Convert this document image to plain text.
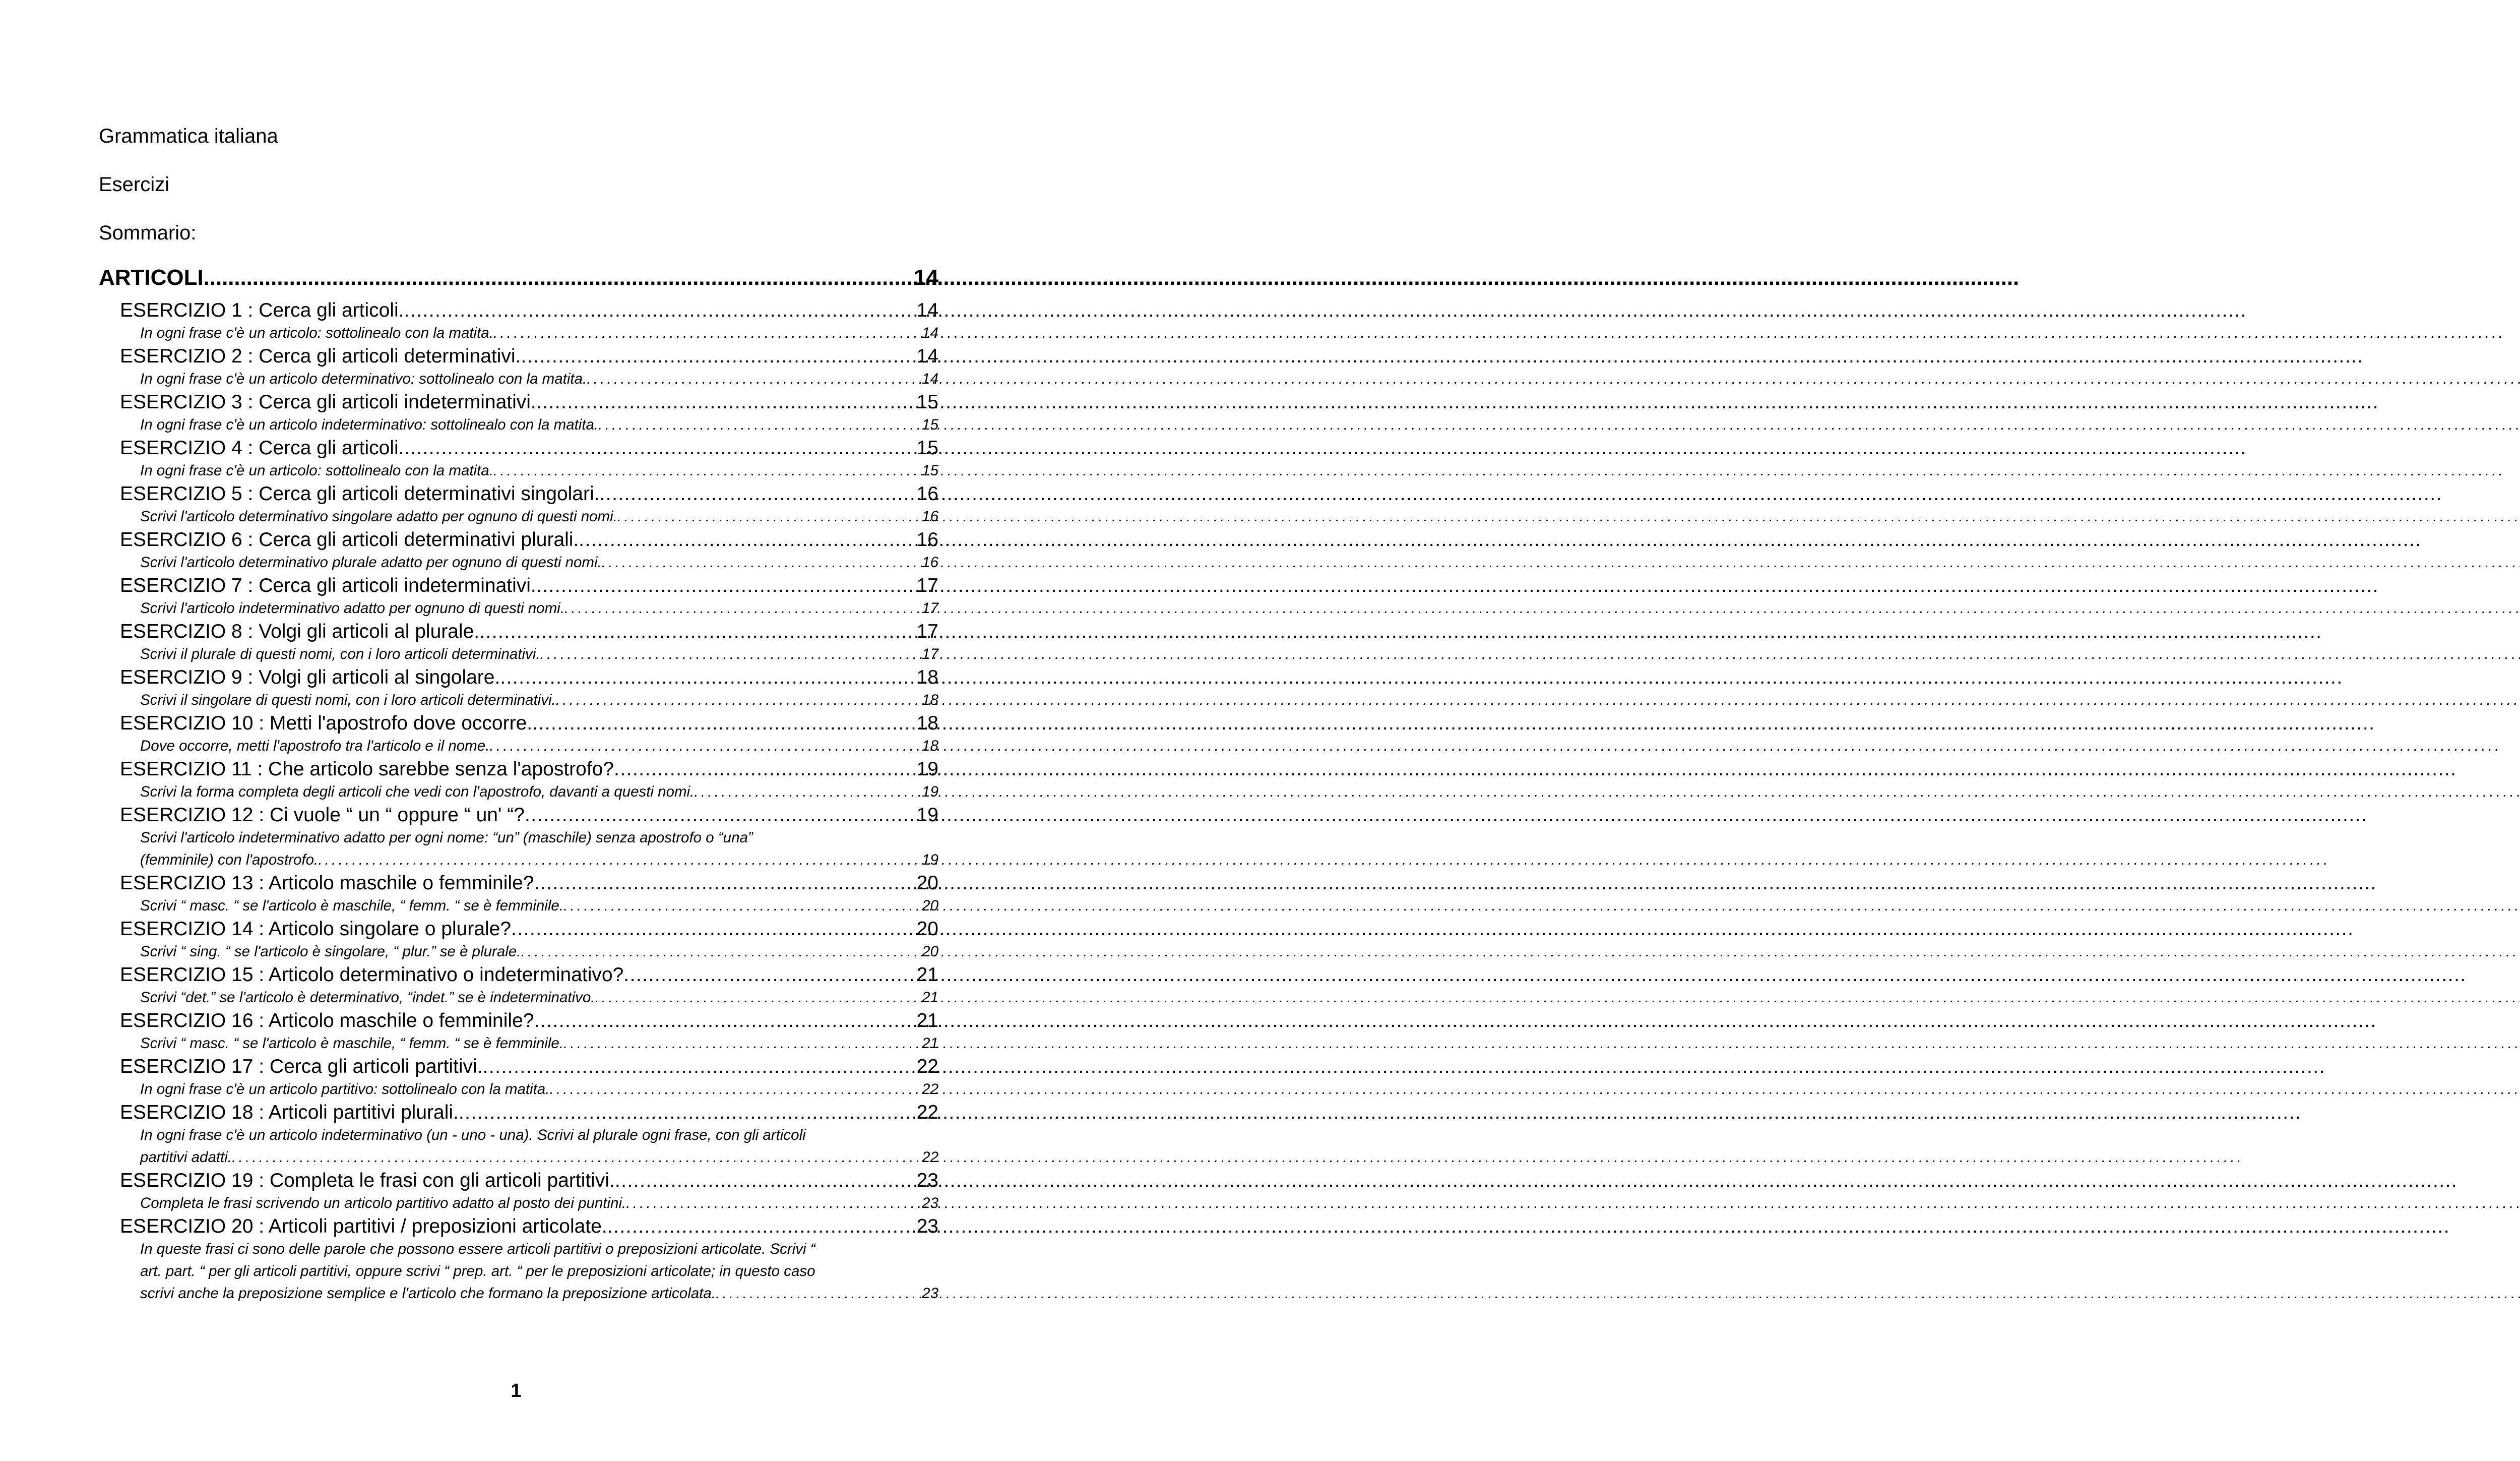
Grammatica italiana
Esercizi
Sommario:
ARTICOLI . . .	14
ESERCIZIO 1 : Cerca gli articoli. . . .	14
In ogni frase c'è un articolo: sottolinealo con la matita. . . .	14
ESERCIZIO 2 : Cerca gli articoli determinativi. . . .	14
In ogni frase c'è un articolo determinativo: sottolinealo con la matita. . . .	14
ESERCIZIO 3 : Cerca gli articoli indeterminativi. . . .	15
In ogni frase c'è un articolo indeterminativo: sottolinealo con la matita. . . .	15
ESERCIZIO 4 : Cerca gli articoli. . . .	15
In ogni frase c'è un articolo: sottolinealo con la matita. . . .	15
ESERCIZIO 5 : Cerca gli articoli determinativi singolari. . . .	16
Scrivi l'articolo determinativo singolare adatto per ognuno di questi nomi. . . .	16
ESERCIZIO 6 : Cerca gli articoli determinativi plurali. . . .	16
Scrivi l'articolo determinativo plurale adatto per ognuno di questi nomi. . . .	16
ESERCIZIO 7 : Cerca gli articoli indeterminativi. . . .	17
Scrivi l'articolo indeterminativo adatto per ognuno di questi nomi. . . .	17
ESERCIZIO 8 : Volgi gli articoli al plurale. . . .	17
Scrivi il plurale di questi nomi, con i loro articoli determinativi. . . .	17
ESERCIZIO 9 : Volgi gli articoli al singolare. . . .	18
Scrivi il singolare di questi nomi, con i loro articoli determinativi. . . .	18
ESERCIZIO 10 : Metti l'apostrofo dove occorre. . . .	18
Dove occorre, metti l'apostrofo tra l'articolo e il nome. . . .	18
ESERCIZIO 11 : Che articolo sarebbe senza l'apostrofo? . . .	19
Scrivi la forma completa degli articoli che vedi con l'apostrofo, davanti a questi nomi. . . .	19
ESERCIZIO 12 : Ci vuole “ un “ oppure “ un' “? . . .	19
Scrivi l'articolo indeterminativo adatto per ogni nome: “un” (maschile) senza apostrofo o “una”
(femminile) con l'apostrofo. . . .	19
ESERCIZIO 13 : Articolo maschile o femminile? . . .	20
Scrivi “ masc. “ se l'articolo è maschile, “ femm. “ se è femminile. . . .	20
ESERCIZIO 14 : Articolo singolare o plurale? . . .	20
Scrivi “ sing. “ se l'articolo è singolare, “ plur.” se è plurale. . . .	20
ESERCIZIO 15 : Articolo determinativo o indeterminativo? . . .	21
Scrivi “det.” se l'articolo è determinativo, “indet.” se è indeterminativo. . . .	21
ESERCIZIO 16 : Articolo maschile o femminile? . . .	21
Scrivi “ masc. “ se l'articolo è maschile, “ femm. “ se è femminile. . . .	21
ESERCIZIO 17 : Cerca gli articoli partitivi. . . .	22
In ogni frase c'è un articolo partitivo: sottolinealo con la matita. . . .	22
ESERCIZIO 18 : Articoli partitivi plurali. . . .	22
In ogni frase c'è un articolo indeterminativo (un - uno - una). Scrivi al plurale ogni frase, con gli articoli
partitivi adatti. . . .	22
ESERCIZIO 19 : Completa le frasi con gli articoli partitivi. . . .	23
Completa le frasi scrivendo un articolo partitivo adatto al posto dei puntini. . . .	23
ESERCIZIO 20 : Articoli partitivi / preposizioni articolate. . . .	23
In queste frasi ci sono delle parole che possono essere articoli partitivi o preposizioni articolate. Scrivi “
art. part. “ per gli articoli partitivi, oppure scrivi “ prep. art. “ per le preposizioni articolate; in questo caso
scrivi anche la preposizione semplice e l'articolo che formano la preposizione articolata. . . .	23
1
